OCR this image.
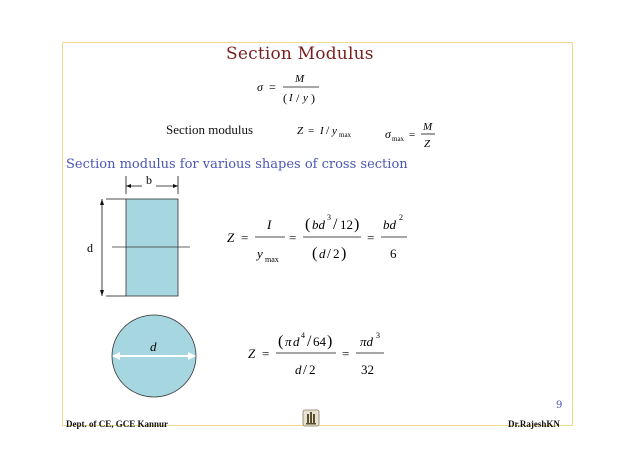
Section Modulus
σ =
M
( I / y )
Section modulus	Z = I / y max	σ max =
M
Z
Section modulus for various shapes of cross section
b
d
Z =
I
y max
=
( bd 3 / 12 )
( d / 2 )
=
bd 2
6
d	Z =
( π d 4 / 64 )
d / 2
=
πd 3
32
9
Dept. of CE, GCE Kannur	Dr.RajeshKN
